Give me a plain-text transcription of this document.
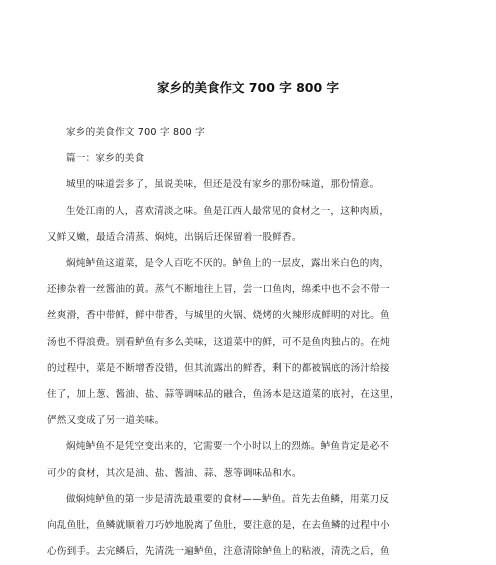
家乡的美食作文 700 字 800 字

家乡的美食作文 700 字 800 字

篇一：家乡的美食

城里的味道尝多了，虽说美味，但还是没有家乡的那份味道，那份情意。

生处江南的人，喜欢清淡之味。鱼是江西人最常见的食材之一，这种肉质，

又鲜又嫩，最适合清蒸、焖炖，出锅后还保留着一股鲜香。

焖炖鲈鱼这道菜，是令人百吃不厌的。鲈鱼上的一层皮，露出米白色的肉，

还掺杂着一丝酱油的黄。蒸气不断地往上冒，尝一口鱼肉，绵柔中也不会不带一

丝爽滑，香中带鲜，鲜中带香，与城里的火锅、烧烤的火辣形成鲜明的对比。鱼

汤也不得浪费。别看鲈鱼有多么美味，这道菜中的鲜，可不是鱼肉独占的。在炖

的过程中，菜是不断增香没错，但其流露出的鲜香，剩下的都被锅底的汤汁给接

住了，加上葱、酱油、盐、蒜等调味品的融合，鱼汤本是这道菜的底衬，在这里，

俨然又变成了另一道美味。

焖炖鲈鱼不是凭空变出来的，它需要一个小时以上的烈炼。鲈鱼肯定是必不

可少的食材，其次是油、盐、酱油、蒜、葱等调味品和水。

做焖炖鲈鱼的第一步是清洗最重要的食材——鲈鱼。首先去鱼鳞，用菜刀反

向乱鱼肚，鱼鳞就顺着刀巧妙地脱离了鱼肚，要注意的是，在去鱼鳞的过程中小

心伤到手。去完鳞后，先清洗一遍鲈鱼，注意清除鲈鱼上的粘液，清洗之后，鱼
